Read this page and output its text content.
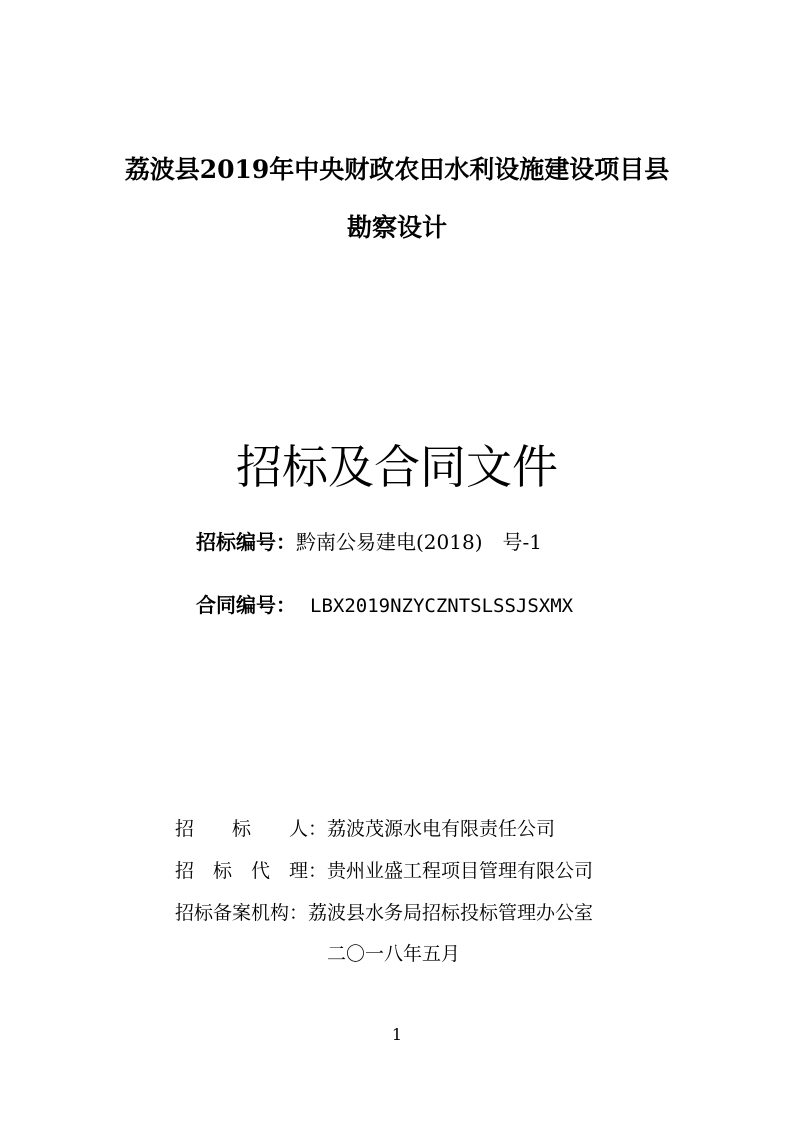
荔波县2019年中央财政农田水利设施建设项目县
勘察设计
招标及合同文件
招标编号：黔南公易建电(2018)　号-1
合同编号： LBX2019NZYCZNTSLSSJSXMX
招　　标　　人：荔波茂源水电有限责任公司
招　标　代　理：贵州业盛工程项目管理有限公司
招标备案机构：荔波县水务局招标投标管理办公室
二〇一八年五月
1
